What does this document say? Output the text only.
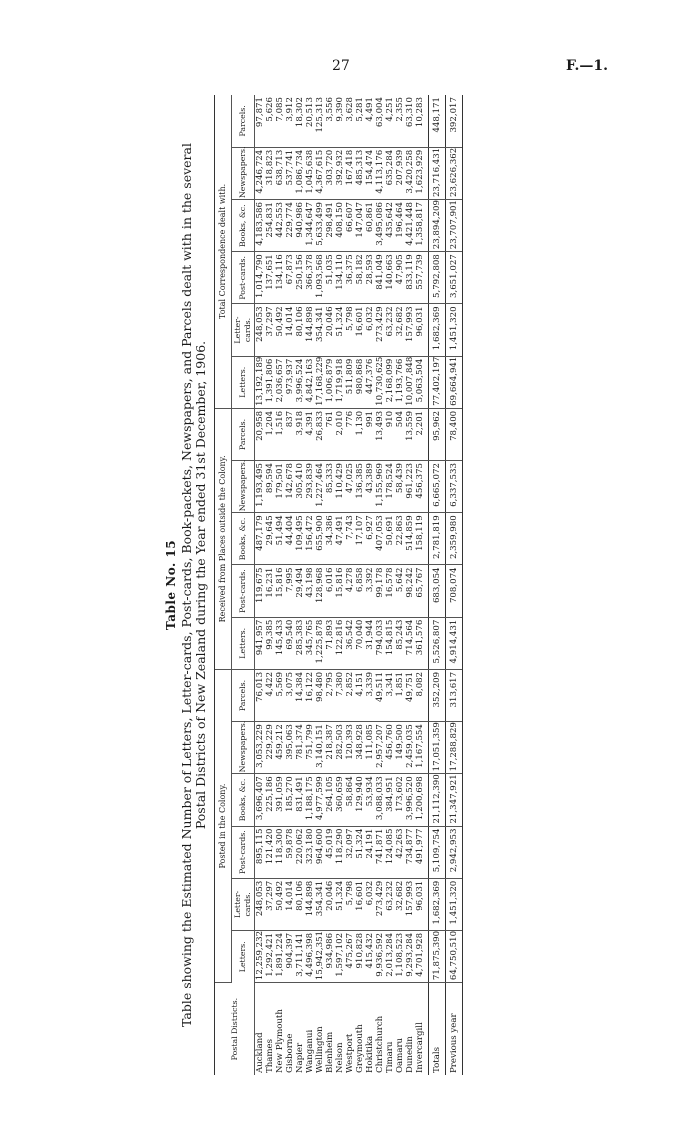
27	F.—1.
Table No. 15 Table showing the Estimated Number of Letters, Letter-cards, Post-cards, Book-packets, Newspapers, and Parcels dealt with in the several Postal Districts of New Zealand during the Year ended 31st December, 1906.
Postal Districts.	Posted in the Colony.						Received from Places outside the Colony.					Total Correspondence dealt with.					
	Letters.	Letter-cards.	Post-cards.	Books, &c.	Newspapers.	Parcels.	Letters.	Post-cards.	Books, &c.	Newspapers.	Parcels.	Letters.	Letter-cards.	Post-cards.	Books, &c.	Newspapers.	Parcels.
Auckland	12,259,232	248,053	895,115	3,696,407	3,053,229	76,013	941,957	119,675	487,179	1,193,495	20,958	13,192,189	248,053	1,014,790	4,183,586	4,246,724	97,871
Thames	1,292,421	37,297	121,420	225,186	229,229	4,422	99,385	16,231	29,645	89,594	1,204	1,391,806	37,297	137,651	254,831	318,823	5,626
New Plymouth	1,891,224	50,492	118,300	391,059	459,212	5,569	145,433	15,816	51,494	179,501	1,516	2,036,657	50,492	134,116	442,553	638,713	7,085
Gisborne	904,397	14,014	59,878	185,270	395,063	3,075	69,540	7,995	44,404	142,678	837	973,937	14,014	67,873	229,774	537,741	3,912
Napier	3,711,141	80,106	220,062	831,491	781,374	14,384	285,383	29,494	109,495	305,410	3,918	3,996,524	80,106	250,156	940,986	1,086,734	18,302
Wanganui	4,496,398	144,898	323,180	1,188,175	751,799	16,122	345,765	43,198	156,472	293,839	4,391	4,842,163	144,898	366,378	1,344,647	1,045,638	20,513
Wellington	15,942,351	354,341	964,600	4,977,599	3,140,151	98,480	1,225,878	128,968	655,900	1,227,464	26,833	17,168,229	354,341	1,093,568	5,633,499	4,367,615	125,313
Blenheim	934,986	20,046	45,019	264,105	218,387	2,795	71,893	6,016	34,386	85,333	761	1,006,879	20,046	51,035	298,491	303,720	3,556
Nelson	1,597,102	51,324	118,290	360,659	282,503	7,380	122,816	15,816	47,491	110,429	2,010	1,719,918	51,324	134,110	408,150	392,932	9,390
Westport	475,267	5,798	32,097	58,864	120,393	2,852	36,542	4,278	7,743	47,025	776	511,809	5,798	36,375	66,607	167,418	3,628
Greymouth	910,828	16,601	51,324	129,940	348,928	4,151	70,040	6,858	17,107	136,385	1,130	980,868	16,601	58,182	147,047	485,313	5,281
Hokitika	415,432	6,032	24,191	53,934	111,085	3,339	31,944	3,392	6,927	43,389	991	447,376	6,032	28,593	60,861	154,474	4,491
Christchurch	9,936,592	273,429	741,871	3,088,033	2,957,207	49,511	794,033	99,178	407,053	1,155,969	13,493	10,730,625	273,429	841,049	3,495,086	4,113,176	63,004
Timaru	2,013,284	63,232	124,085	384,951	456,760	3,341	154,815	16,578	50,691	178,524	910	2,168,099	63,232	140,663	435,642	635,284	4,251
Oamaru	1,108,523	32,682	42,263	173,602	149,500	1,851	85,243	5,642	22,863	58,439	504	1,193,766	32,682	47,905	196,464	207,939	2,355
Dunedin	9,293,284	157,993	734,877	3,996,520	2,459,035	49,751	714,564	98,242	514,859	961,223	13,559	10,007,848	157,993	833,119	4,421,448	3,420,258	63,310
Invercargill	4,701,928	96,031	491,977	1,200,698	1,167,554	8,082	361,576	65,767	158,119	456,375	2,201	5,063,504	96,031	557,739	1,358,817	1,623,929	10,283
Totals	71,875,390	1,682,369	5,109,754	21,112,390	17,051,359	352,209	5,526,807	683,054	2,781,819	6,665,072	95,962	77,402,197	1,682,369	5,792,808	23,894,209	23,716,431	448,171
Previous year	64,750,510	1,451,320	2,942,953	21,347,921	17,288,829	313,617	4,914,431	708,074	2,359,980	6,337,533	78,400	69,664,941	1,451,320	3,651,027	23,707,901	23,626,362	392,017
